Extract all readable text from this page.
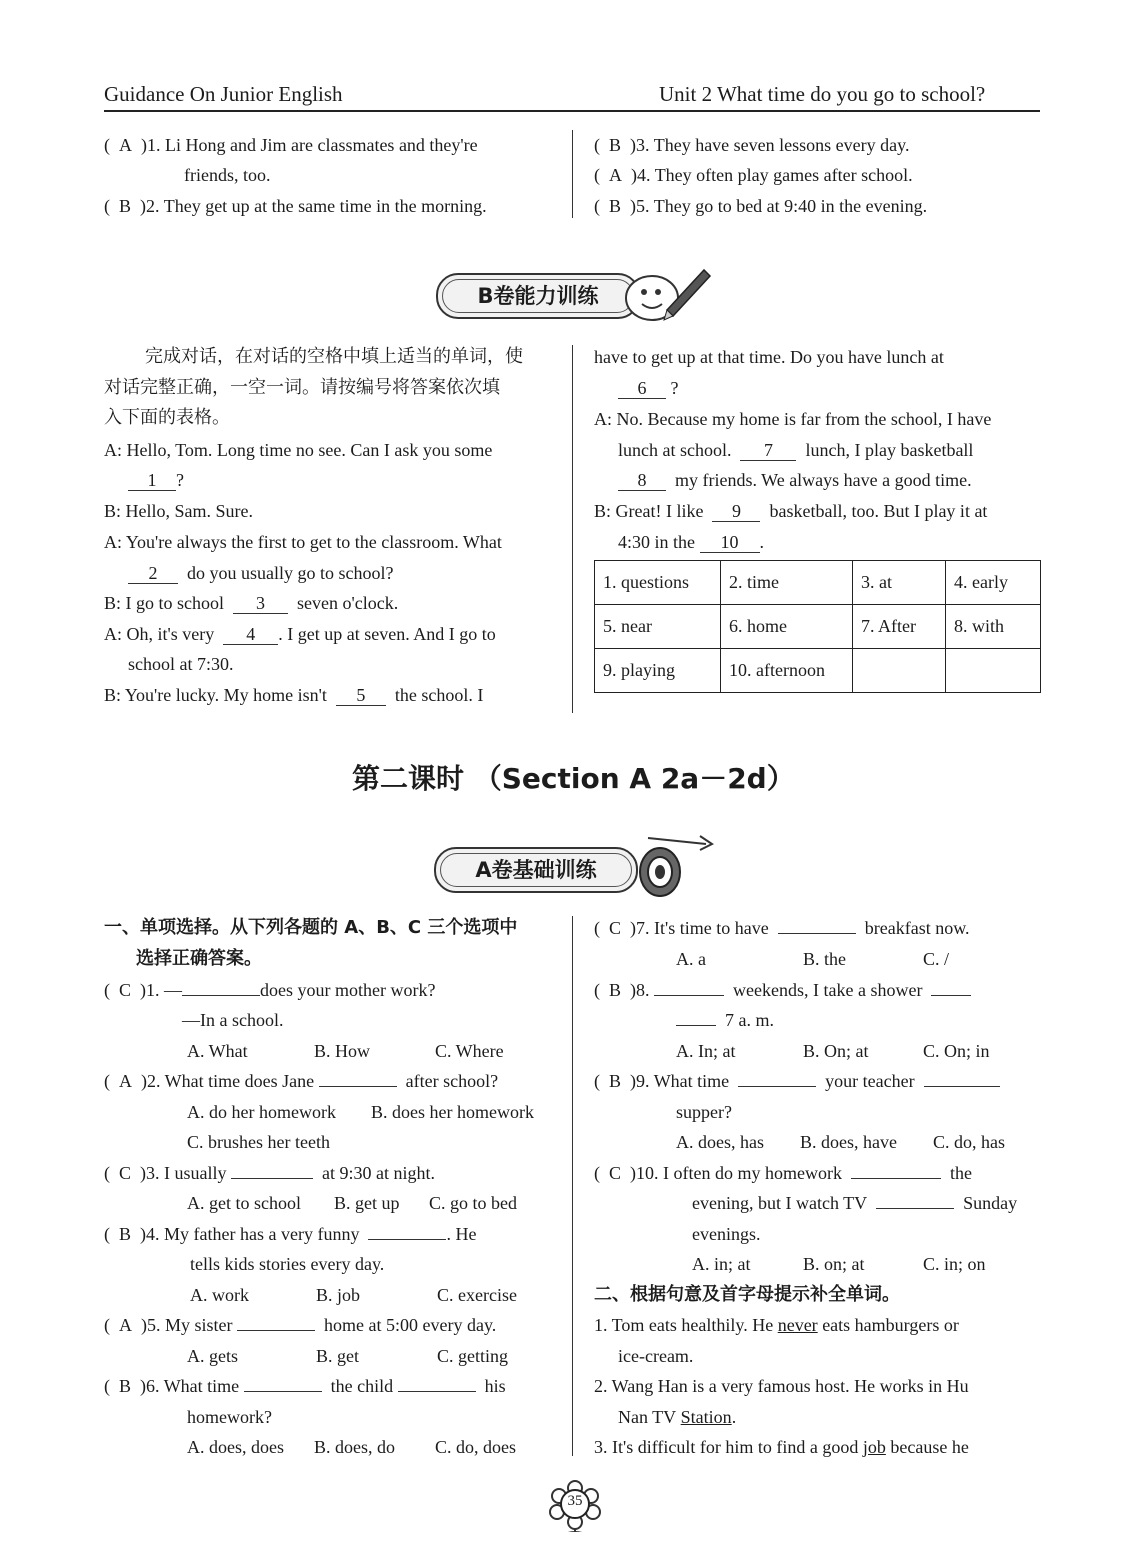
Guidance On Junior English	Unit 2 What time do you go to school?
(  A  )1. Li Hong and Jim are classmates and they're
friends, too.
(  B  )2. They get up at the same time in the morning.
(  B  )3. They have seven lessons every day.
(  A  )4. They often play games after school.
(  B  )5. They go to bed at 9:40 in the evening.
B卷能力训练
完成对话，在对话的空格中填上适当的单词，使
对话完整正确，一空一词。请按编号将答案依次填
入下面的表格。
A: Hello, Tom. Long time no see. Can I ask you some
1 ?
B: Hello, Sam. Sure.
A: You're always the first to get to the classroom. What
2 do you usually go to school?
B: I go to school 3 seven o'clock.
A: Oh, it's very 4 . I get up at seven. And I go to
school at 7:30.
B: You're lucky. My home isn't 5 the school. I
have to get up at that time. Do you have lunch at
6 ?
A: No. Because my home is far from the school, I have
lunch at school. 7 lunch, I play basketball
8 my friends. We always have a good time.
B: Great! I like 9 basketball, too. But I play it at
4:30 in the 10 .
1. questions	2. time	3. at	4. early
5. near	6. home	7. After	8. with
9. playing	10. afternoon		
第二课时 （Section A 2a－2d）
A卷基础训练
一、单项选择。从下列各题的 A、B、C 三个选项中
选择正确答案。
(  C  )1. —	does your mother work?
—In a school.
A. What	B. How	C. Where
(  A  )2. What time does Jane	after school?
A. do her homework B. does her homework
C. brushes her teeth
(  C  )3. I usually	at 9:30 at night.
A. get to school B. get up C. go to bed
(  B  )4. My father has a very funny	. He
tells kids stories every day.
A. work	B. job	C. exercise
(  A  )5. My sister	home at 5:00 every day.
A. gets	B. get	C. getting
(  B  )6. What time	the child	his
homework?
A. does, does B. does, do C. do, does
(  C  )7. It's time to have	breakfast now.
A. a	B. the	C. /
(  B  )8.	weekends, I take a shower
7 a. m.
A. In; at	B. On; at	C. On; in
(  B  )9. What time	your teacher
supper?
A. does, has B. does, have C. do, has
(  C  )10. I often do my homework	the
evening, but I watch TV	Sunday
evenings.
A. in; at	B. on; at	C. in; on
二、根据句意及首字母提示补全单词。
1. Tom eats healthily. He never eats hamburgers or
ice-cream.
2. Wang Han is a very famous host. He works in Hu
Nan TV Station.
3. It's difficult for him to find a good job because he
35
